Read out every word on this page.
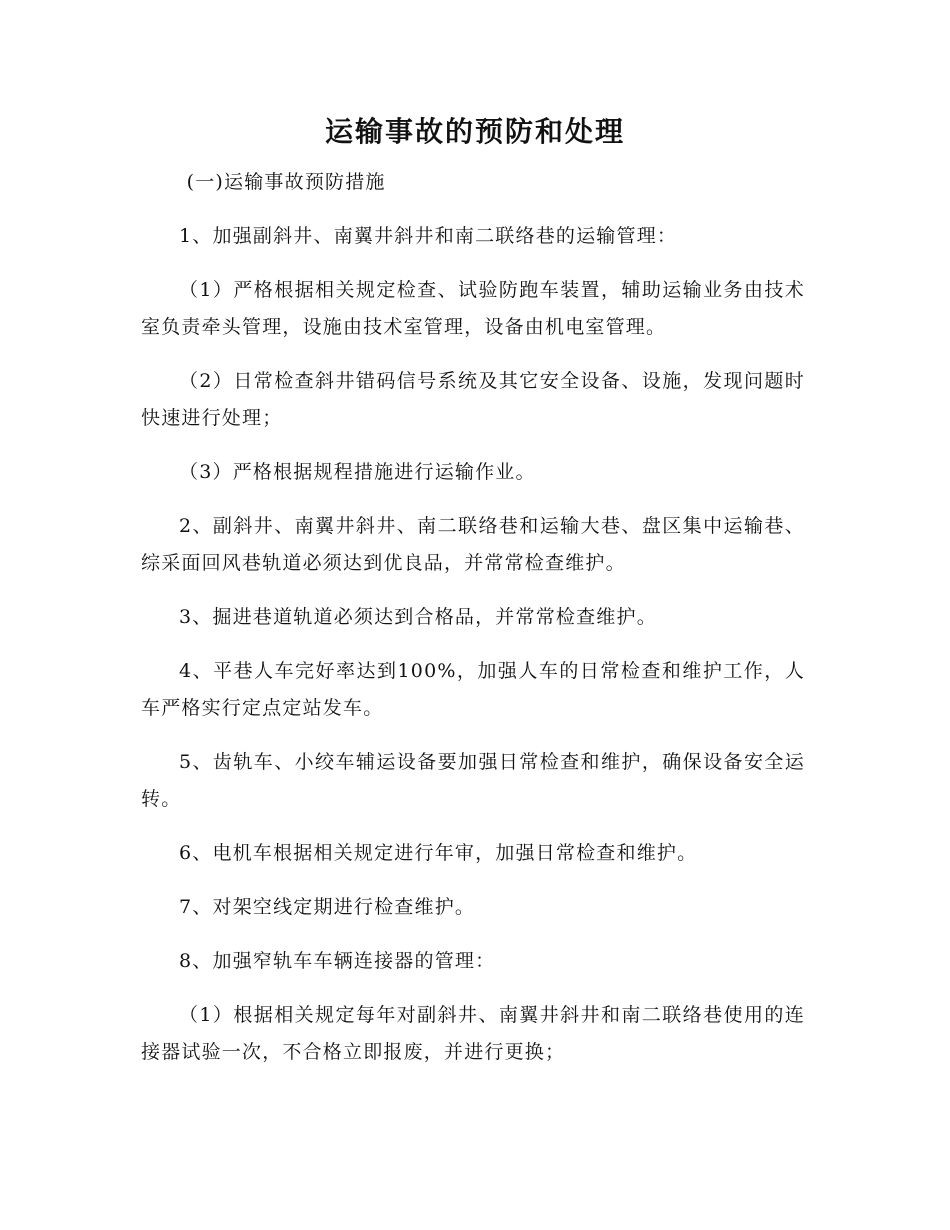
运输事故的预防和处理

(一)运输事故预防措施

1、加强副斜井、南翼井斜井和南二联络巷的运输管理：

（1）严格根据相关规定检查、试验防跑车装置，辅助运输业务由技术室负责牵头管理，设施由技术室管理，设备由机电室管理。

（2）日常检查斜井错码信号系统及其它安全设备、设施，发现问题时快速进行处理；

（3）严格根据规程措施进行运输作业。

2、副斜井、南翼井斜井、南二联络巷和运输大巷、盘区集中运输巷、综采面回风巷轨道必须达到优良品，并常常检查维护。

3、掘进巷道轨道必须达到合格品，并常常检查维护。

4、平巷人车完好率达到100%，加强人车的日常检查和维护工作，人车严格实行定点定站发车。

5、齿轨车、小绞车辅运设备要加强日常检查和维护，确保设备安全运转。

6、电机车根据相关规定进行年审，加强日常检查和维护。

7、对架空线定期进行检查维护。

8、加强窄轨车车辆连接器的管理：

（1）根据相关规定每年对副斜井、南翼井斜井和南二联络巷使用的连接器试验一次，不合格立即报废，并进行更换；
